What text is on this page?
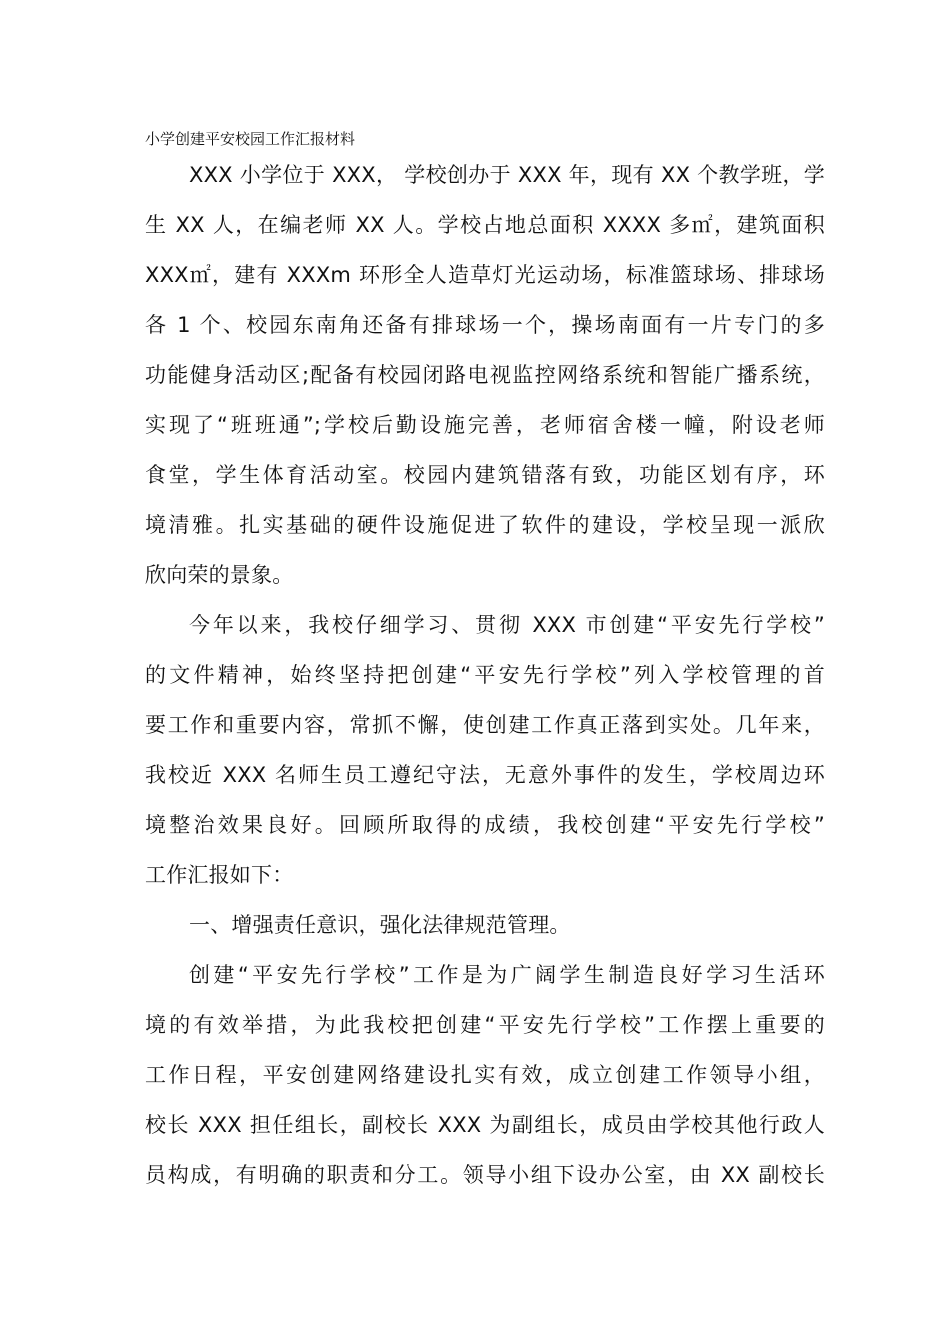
小学创建平安校园工作汇报材料
XXX 小学位于 XXX， 学校创办于 XXX 年，现有 XX 个教学班，学
生 XX 人，在编老师 XX 人。学校占地总面积 XXXX 多㎡，建筑面积
XXX㎡，建有 XXXm 环形全人造草灯光运动场，标准篮球场、排球场
各 1 个、校园东南角还备有排球场一个，操场南面有一片专门的多
功能健身活动区;配备有校园闭路电视监控网络系统和智能广播系统，
实现了“班班通”;学校后勤设施完善，老师宿舍楼一幢，附设老师
食堂，学生体育活动室。校园内建筑错落有致，功能区划有序，环
境清雅。扎实基础的硬件设施促进了软件的建设，学校呈现一派欣
欣向荣的景象。
今年以来，我校仔细学习、贯彻 XXX 市创建“平安先行学校”
的文件精神，始终坚持把创建“平安先行学校”列入学校管理的首
要工作和重要内容，常抓不懈，使创建工作真正落到实处。几年来，
我校近 XXX 名师生员工遵纪守法，无意外事件的发生，学校周边环
境整治效果良好。回顾所取得的成绩，我校创建“平安先行学校”
工作汇报如下：
一、增强责任意识，强化法律规范管理。
创建“平安先行学校”工作是为广阔学生制造良好学习生活环
境的有效举措，为此我校把创建“平安先行学校”工作摆上重要的
工作日程，平安创建网络建设扎实有效，成立创建工作领导小组，
校长 XXX 担任组长，副校长 XXX 为副组长，成员由学校其他行政人
员构成，有明确的职责和分工。领导小组下设办公室，由 XX 副校长
